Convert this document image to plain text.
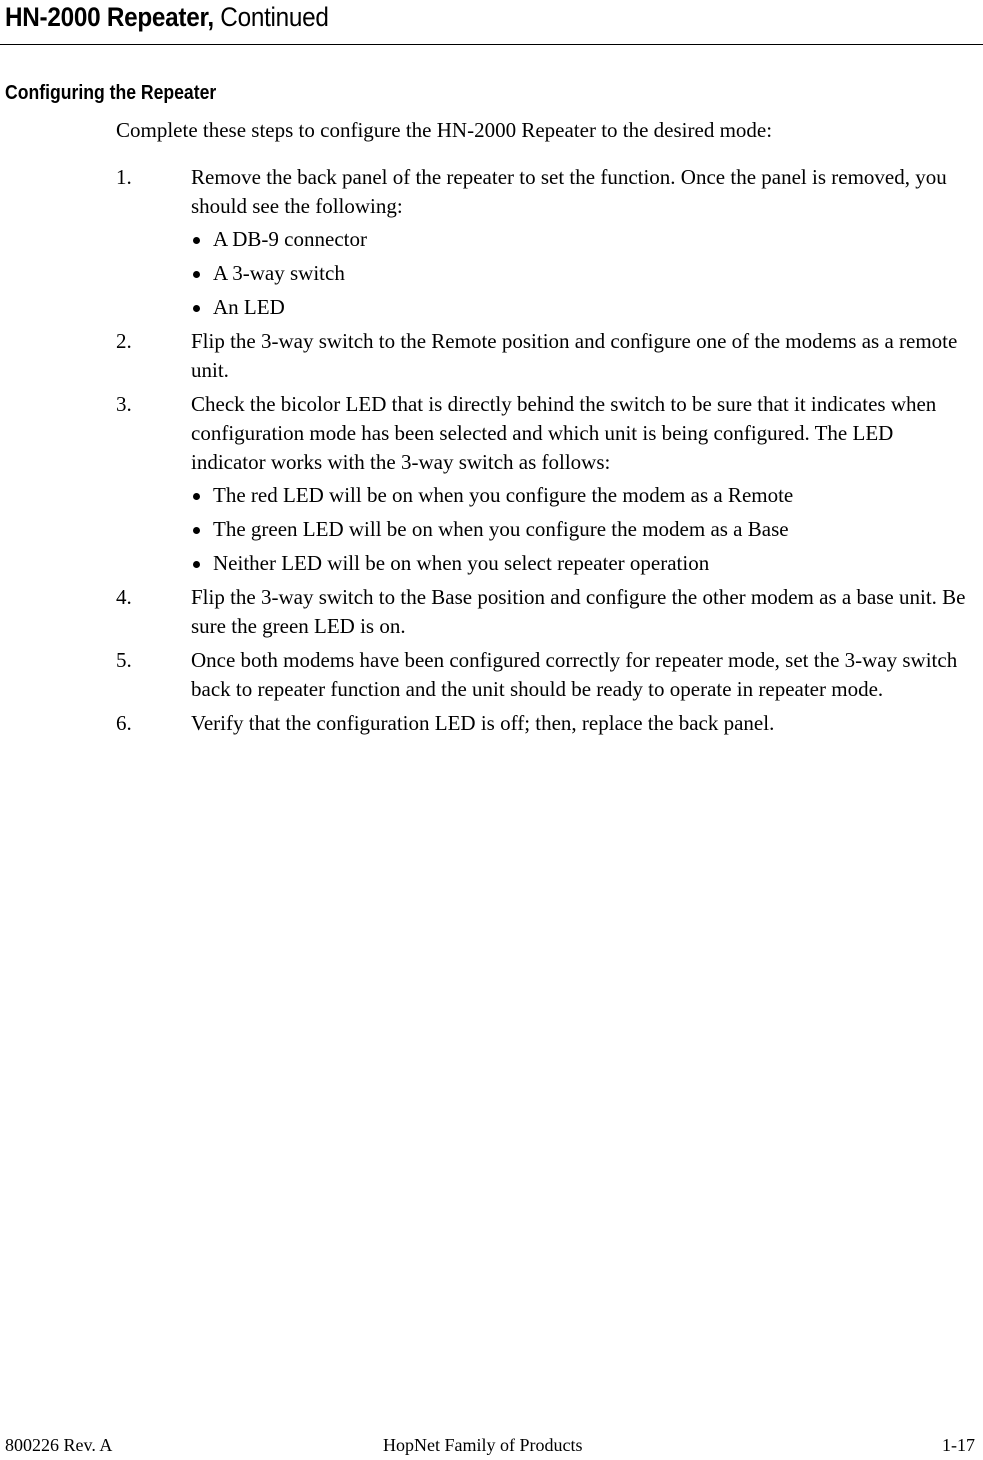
HN-2000 Repeater, Continued
Configuring the Repeater

Complete these steps to configure the HN-2000 Repeater to the desired mode:

1.	Remove the back panel of the repeater to set the function. Once the panel is removed, you should see the following:
A DB-9 connector
A 3-way switch
An LED
2.	Flip the 3-way switch to the Remote position and configure one of the modems as a remote unit.
3.	Check the bicolor LED that is directly behind the switch to be sure that it indicates when configuration mode has been selected and which unit is being configured. The LED indicator works with the 3-way switch as follows:
The red LED will be on when you configure the modem as a Remote
The green LED will be on when you configure the modem as a Base
Neither LED will be on when you select repeater operation
4.	Flip the 3-way switch to the Base position and configure the other modem as a base unit. Be sure the green LED is on.
5.	Once both modems have been configured correctly for repeater mode, set the 3-way switch back to repeater function and the unit should be ready to operate in repeater mode.
6.	Verify that the configuration LED is off; then, replace the back panel.
800226 Rev. A	HopNet Family of Products	1-17
